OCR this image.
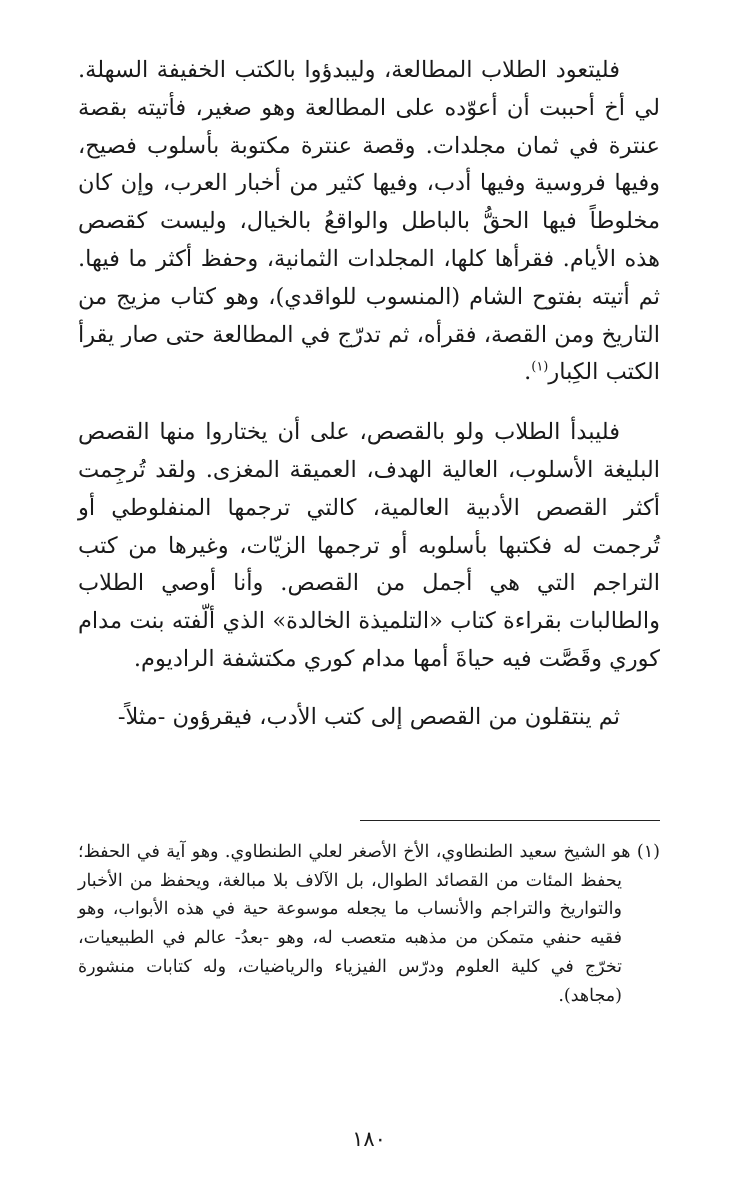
فليتعود الطلاب المطالعة، وليبدؤوا بالكتب الخفيفة السهلة. لي أخ أحببت أن أعوّده على المطالعة وهو صغير، فأتيته بقصة عنترة في ثمان مجلدات. وقصة عنترة مكتوبة بأسلوب فصيح، وفيها فروسية وفيها أدب، وفيها كثير من أخبار العرب، وإن كان مخلوطاً فيها الحقُّ بالباطل والواقعُ بالخيال، وليست كقصص هذه الأيام. فقرأها كلها، المجلدات الثمانية، وحفظ أكثر ما فيها. ثم أتيته بفتوح الشام (المنسوب للواقدي)، وهو كتاب مزيج من التاريخ ومن القصة، فقرأه، ثم تدرّج في المطالعة حتى صار يقرأ الكتب الكِبار$^{(١)}$.

فليبدأ الطلاب ولو بالقصص، على أن يختاروا منها القصص البليغة الأسلوب، العالية الهدف، العميقة المغزى. ولقد تُرجِمت أكثر القصص الأدبية العالمية، كالتي ترجمها المنفلوطي أو تُرجمت له فكتبها بأسلوبه أو ترجمها الزيّات، وغيرها من كتب التراجم التي هي أجمل من القصص. وأنا أوصي الطلاب والطالبات بقراءة كتاب «التلميذة الخالدة» الذي ألّفته بنت مدام كوري وقَصَّت فيه حياةَ أمها مدام كوري مكتشفة الراديوم.

ثم ينتقلون من القصص إلى كتب الأدب، فيقرؤون -مثلاً-

(١) هو الشيخ سعيد الطنطاوي، الأخ الأصغر لعلي الطنطاوي. وهو آية في الحفظ؛ يحفظ المئات من القصائد الطوال، بل الآلاف بلا مبالغة، ويحفظ من الأخبار والتواريخ والتراجم والأنساب ما يجعله موسوعة حية في هذه الأبواب، وهو فقيه حنفي متمكن من مذهبه متعصب له، وهو -بعدُ- عالم في الطبيعيات، تخرّج في كلية العلوم ودرّس الفيزياء والرياضيات، وله كتابات منشورة (مجاهد).

١٨٠
